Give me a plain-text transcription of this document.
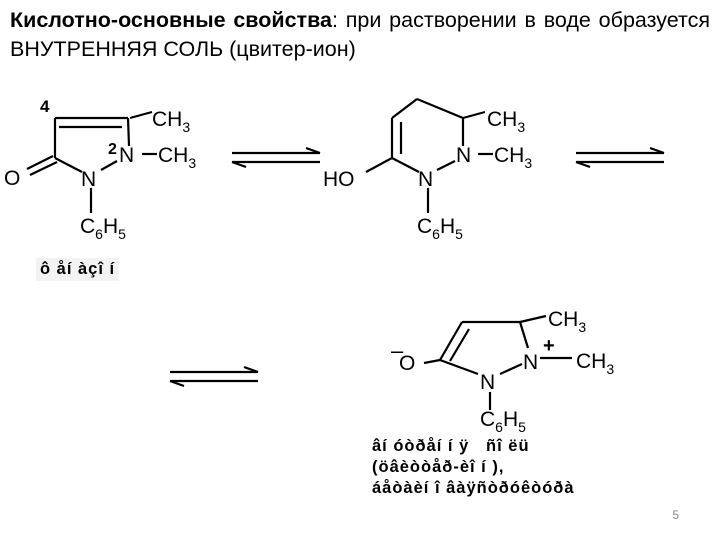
Кислотно-основные свойства: при растворении в воде образуется ВНУТРЕННЯЯ СОЛЬ (цвитер-ион)
4
2
$CH_3$
N $CH_3$
O	N
$C_6H_5$
$CH_3$
N $CH_3$
HO	N
$C_6H_5$
$CH_3$
–
O	N
+
$CH_3$
N
$C_6H_5$
ô åí àçî í
âí óòðåí í ÿ   ñî ëü
(öâèòòåð-èî í ),
áåòàèí î âàÿñòðóêòóðà
5
